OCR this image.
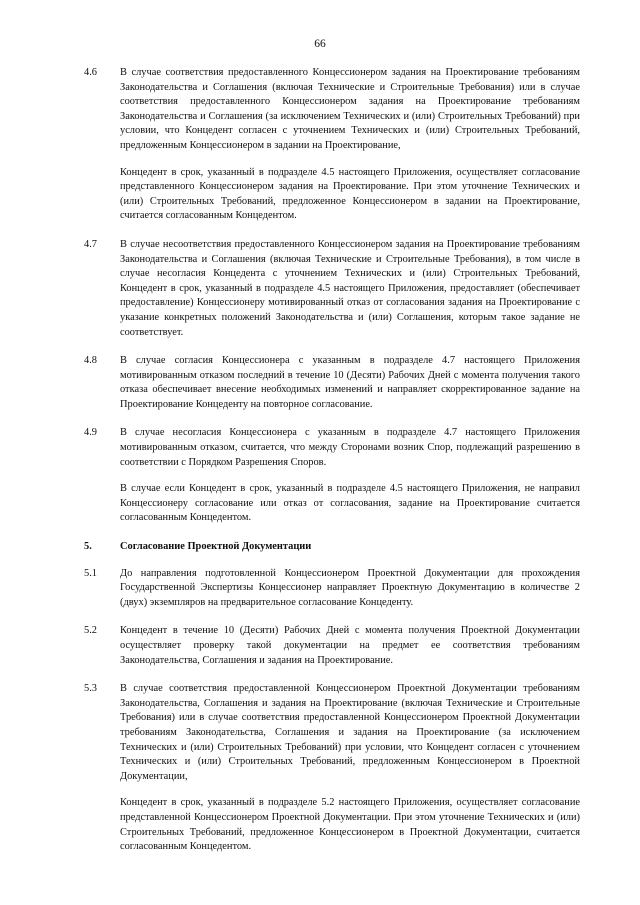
66
4.6	В случае соответствия предоставленного Концессионером задания на Проектирование требованиям Законодательства и Соглашения (включая Технические и Строительные Требования) или в случае соответствия предоставленного Концессионером задания на Проектирование требованиям Законодательства и Соглашения (за исключением Технических и (или) Строительных Требований) при условии, что Концедент согласен с уточнением Технических и (или) Строительных Требований, предложенным Концессионером в задании на Проектирование,

Концедент в срок, указанный в подразделе 4.5 настоящего Приложения, осуществляет согласование представленного Концессионером задания на Проектирование. При этом уточнение Технических и (или) Строительных Требований, предложенное Концессионером в задании на Проектирование, считается согласованным Концедентом.

4.7	В случае несоответствия предоставленного Концессионером задания на Проектирование требованиям Законодательства и Соглашения (включая Технические и Строительные Требования), в том числе в случае несогласия Концедента с уточнением Технических и (или) Строительных Требований, Концедент в срок, указанный в подразделе 4.5 настоящего Приложения, предоставляет (обеспечивает предоставление) Концессионеру мотивированный отказ от согласования задания на Проектирование с указание конкретных положений Законодательства и (или) Соглашения, которым такое задание не соответствует.

4.8	В случае согласия Концессионера с указанным в подразделе 4.7 настоящего Приложения мотивированным отказом последний в течение 10 (Десяти) Рабочих Дней с момента получения такого отказа обеспечивает внесение необходимых изменений и направляет скорректированное задание на Проектирование Концеденту на повторное согласование.

4.9	В случае несогласия Концессионера с указанным в подразделе 4.7 настоящего Приложения мотивированным отказом, считается, что между Сторонами возник Спор, подлежащий разрешению в соответствии с Порядком Разрешения Споров.

В случае если Концедент в срок, указанный в подразделе 4.5 настоящего Приложения, не направил Концессионеру согласование или отказ от согласования, задание на Проектирование считается согласованным Концедентом.

5.	Согласование Проектной Документации

5.1	До направления подготовленной Концессионером Проектной Документации для прохождения Государственной Экспертизы Концессионер направляет Проектную Документацию в количестве 2 (двух) экземпляров на предварительное согласование Концеденту.

5.2	Концедент в течение 10 (Десяти) Рабочих Дней с момента получения Проектной Документации осуществляет проверку такой документации на предмет ее соответствия требованиям Законодательства, Соглашения и задания на Проектирование.

5.3	В случае соответствия предоставленной Концессионером Проектной Документации требованиям Законодательства, Соглашения и задания на Проектирование (включая Технические и Строительные Требования) или в случае соответствия предоставленной Концессионером Проектной Документации требованиям Законодательства, Соглашения и задания на Проектирование (за исключением Технических и (или) Строительных Требований) при условии, что Концедент согласен с уточнением Технических и (или) Строительных Требований, предложенным Концессионером в Проектной Документации,

Концедент в срок, указанный в подразделе 5.2 настоящего Приложения, осуществляет согласование представленной Концессионером Проектной Документации. При этом уточнение Технических и (или) Строительных Требований, предложенное Концессионером в Проектной Документации, считается согласованным Концедентом.
